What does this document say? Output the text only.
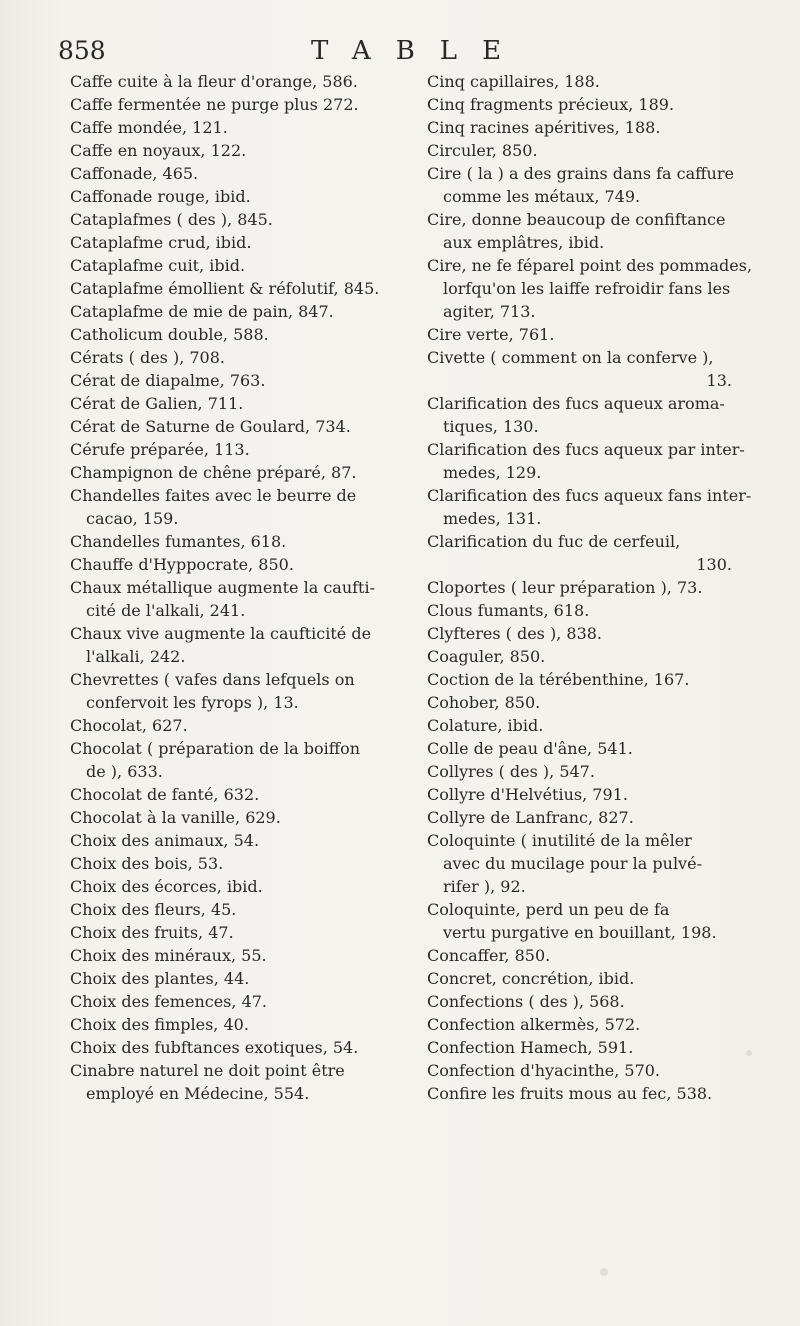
858	TABLE
Caffe cuite à la fleur d'orange, 586.
Caffe fermentée ne purge plus 272.
Caffe mondée, 121.
Caffe en noyaux, 122.
Caffonade, 465.
Caffonade rouge, ibid.
Cataplafmes ( des ), 845.
Cataplafme crud, ibid.
Cataplafme cuit, ibid.
Cataplafme émollient & réfolutif, 845.
Cataplafme de mie de pain, 847.
Catholicum double, 588.
Cérats ( des ), 708.
Cérat de diapalme, 763.
Cérat de Galien, 711.
Cérat de Saturne de Goulard, 734.
Cérufe préparée, 113.
Champignon de chêne préparé, 87.
Chandelles faites avec le beurre de
cacao, 159.
Chandelles fumantes, 618.
Chauffe d'Hyppocrate, 850.
Chaux métallique augmente la caufti-
cité de l'alkali, 241.
Chaux vive augmente la caufticité de
l'alkali, 242.
Chevrettes ( vafes dans lefquels on
confervoit les fyrops ), 13.
Chocolat, 627.
Chocolat ( préparation de la boiffon
de ), 633.
Chocolat de fanté, 632.
Chocolat à la vanille, 629.
Choix des animaux, 54.
Choix des bois, 53.
Choix des écorces, ibid.
Choix des fleurs, 45.
Choix des fruits, 47.
Choix des minéraux, 55.
Choix des plantes, 44.
Choix des femences, 47.
Choix des fimples, 40.
Choix des fubftances exotiques, 54.
Cinabre naturel ne doit point être
employé en Médecine, 554.
Cinq capillaires, 188.
Cinq fragments précieux, 189.
Cinq racines apéritives, 188.
Circuler, 850.
Cire ( la ) a des grains dans fa caffure
comme les métaux, 749.
Cire, donne beaucoup de confiftance
aux emplâtres, ibid.
Cire, ne fe féparel point des pommades,
lorfqu'on les laiffe refroidir fans les
agiter, 713.
Cire verte, 761.
Civette ( comment on la conferve ),
13.
Clarification des fucs aqueux aroma-
tiques, 130.
Clarification des fucs aqueux par inter-
medes, 129.
Clarification des fucs aqueux fans inter-
medes, 131.
Clarification du fuc de cerfeuil,
130.
Cloportes ( leur préparation ), 73.
Clous fumants, 618.
Clyfteres ( des ), 838.
Coaguler, 850.
Coction de la térébenthine, 167.
Cohober, 850.
Colature, ibid.
Colle de peau d'âne, 541.
Collyres ( des ), 547.
Collyre d'Helvétius, 791.
Collyre de Lanfranc, 827.
Coloquinte ( inutilité de la mêler
avec du mucilage pour la pulvé-
rifer ), 92.
Coloquinte, perd un peu de fa
vertu purgative en bouillant, 198.
Concaffer, 850.
Concret, concrétion, ibid.
Confections ( des ), 568.
Confection alkermès, 572.
Confection Hamech, 591.
Confection d'hyacinthe, 570.
Confire les fruits mous au fec, 538.
